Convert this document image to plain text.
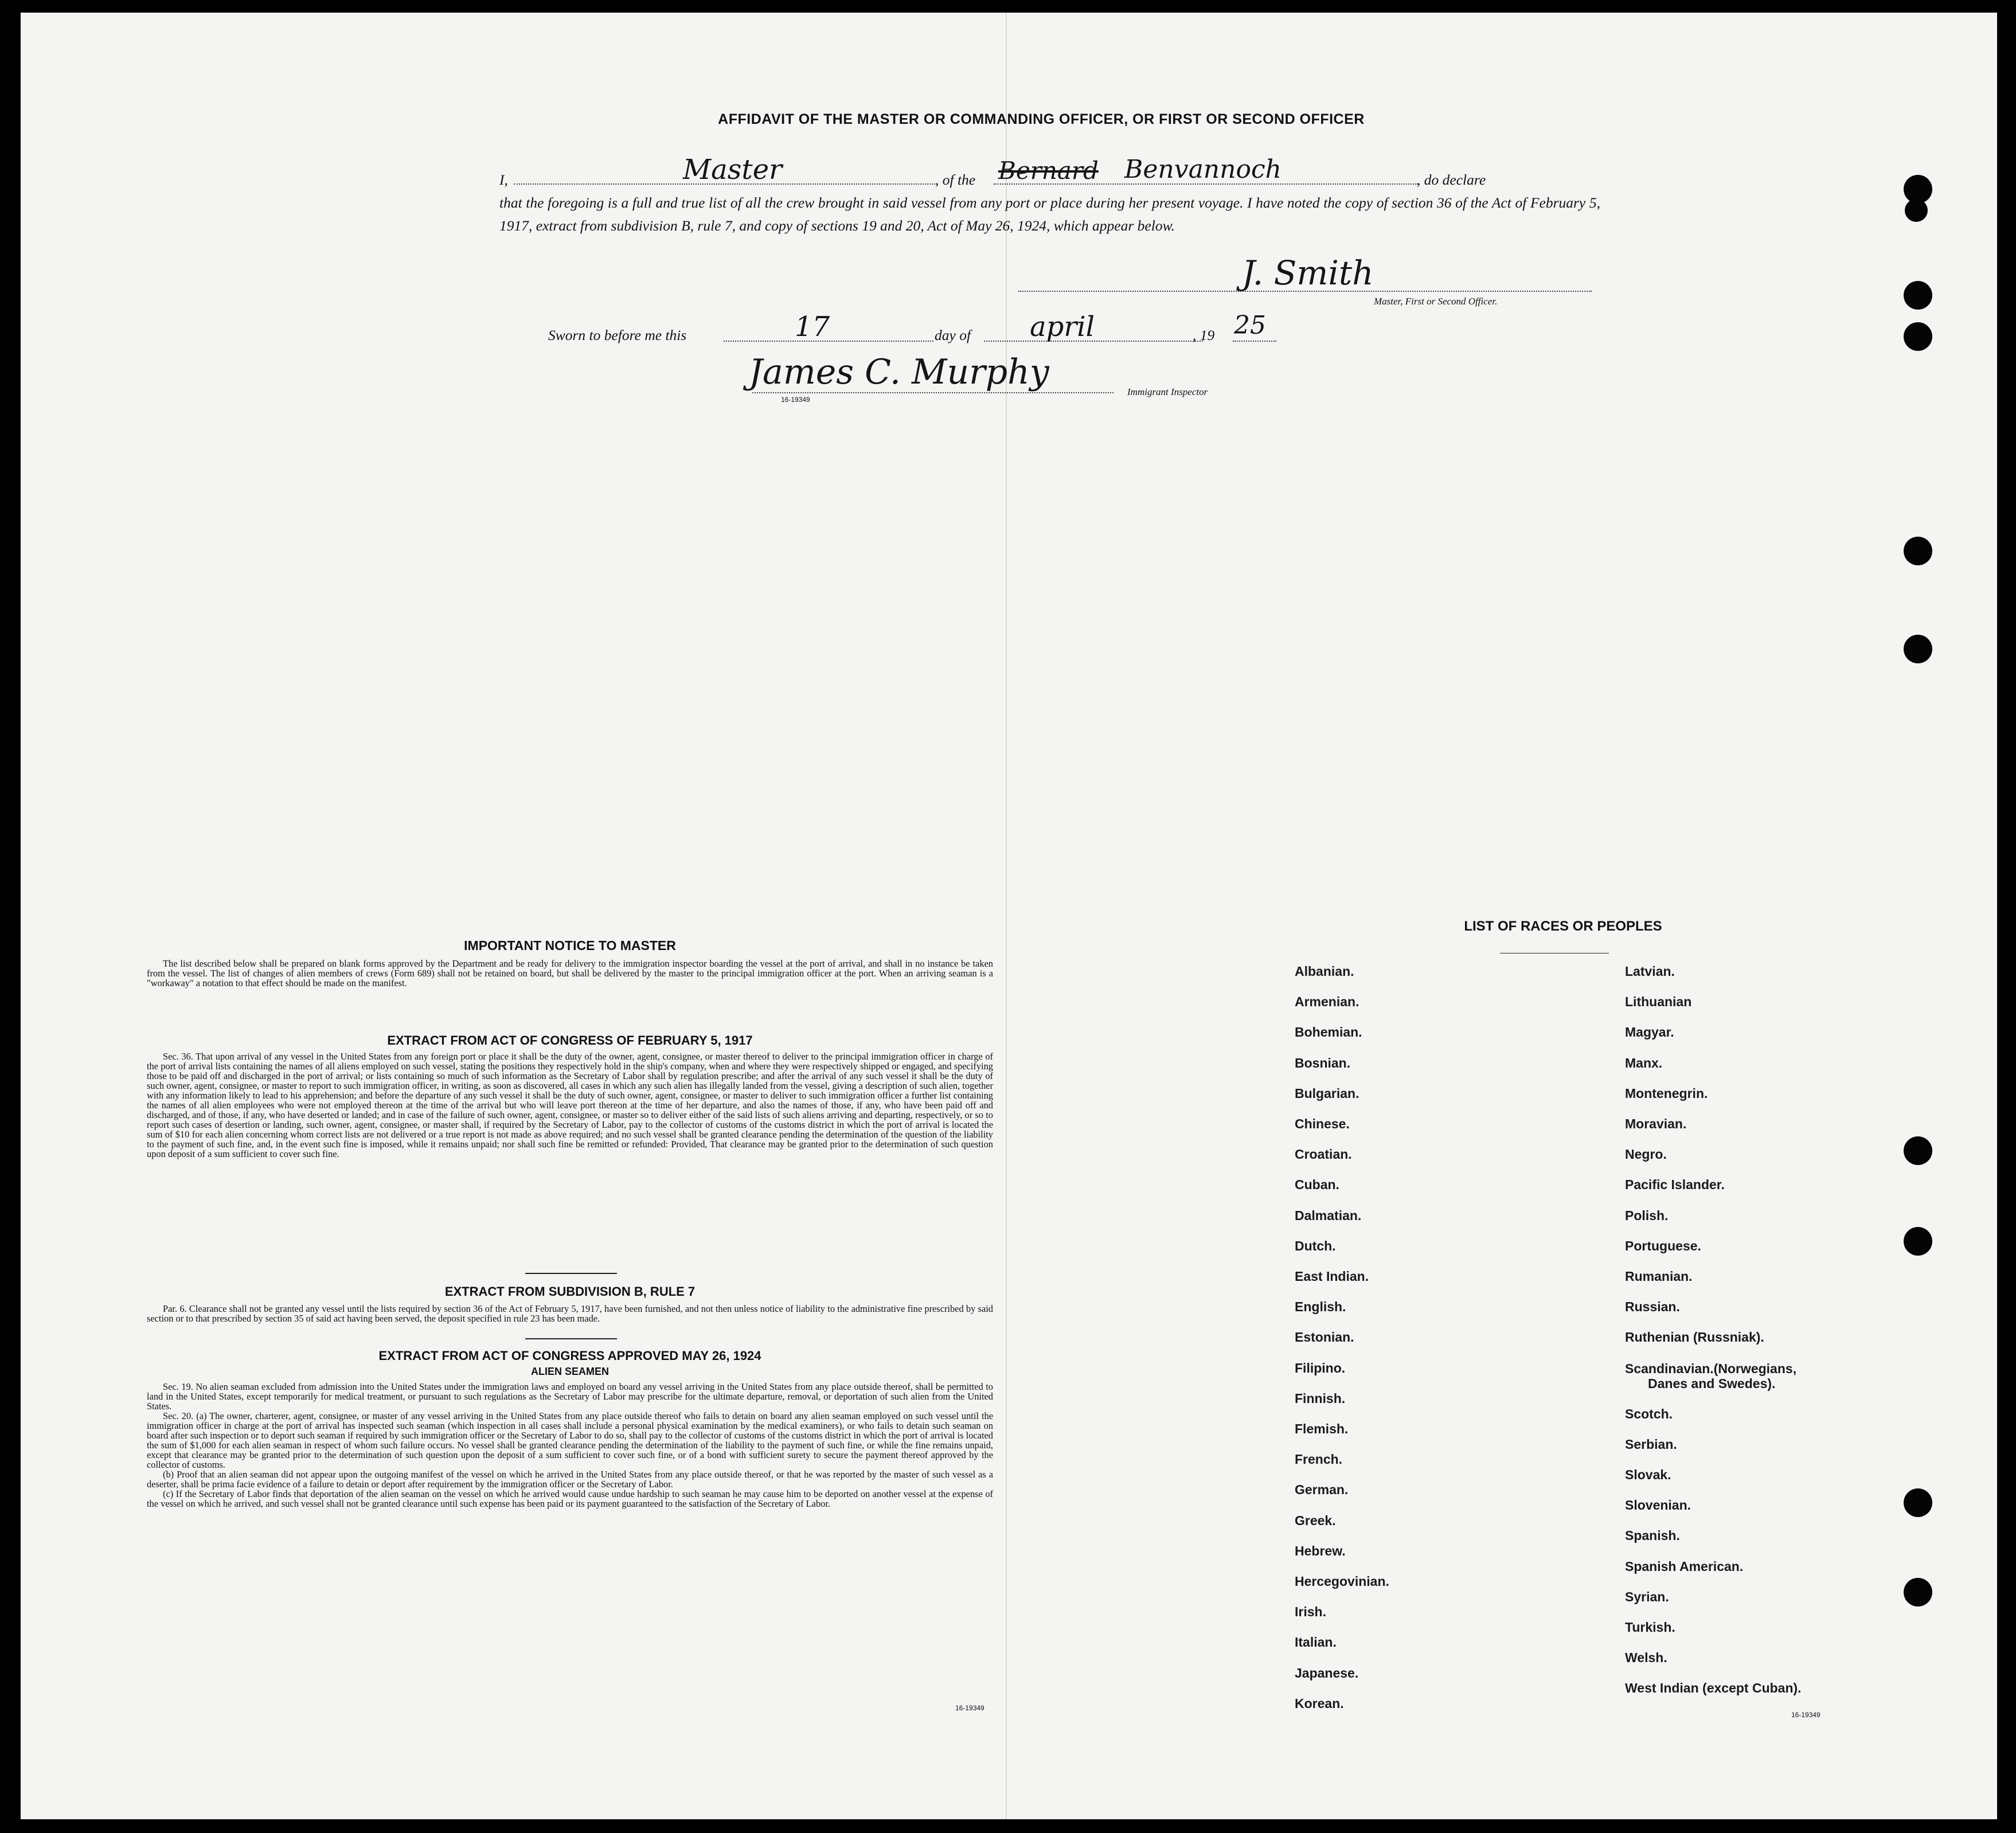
AFFIDAVIT OF THE MASTER OR COMMANDING OFFICER, OR FIRST OR SECOND OFFICER
I,	Master	, of the Bernard Benvannoch	, do declare
that the foregoing is a full and true list of all the crew brought in said vessel from any port or place during her present voyage. I have noted the copy of section 36 of the Act of February 5, 1917, extract from subdivision B, rule 7, and copy of sections 19 and 20, Act of May 26, 1924, which appear below.
J. Smith
Master, First or Second Officer.
Sworn to before me this	17	day of april	, 19 25
James C. Murphy
16-19349
Immigrant Inspector
IMPORTANT NOTICE TO MASTER

The list described below shall be prepared on blank forms approved by the Department and be ready for delivery to the immigration inspector boarding the vessel at the port of arrival, and shall in no instance be taken from the vessel. The list of changes of alien members of crews (Form 689) shall not be retained on board, but shall be delivered by the master to the principal immigration officer at the port. When an arriving seaman is a "workaway" a notation to that effect should be made on the manifest.

EXTRACT FROM ACT OF CONGRESS OF FEBRUARY 5, 1917

Sec. 36. That upon arrival of any vessel in the United States from any foreign port or place it shall be the duty of the owner, agent, consignee, or master thereof to deliver to the principal immigration officer in charge of the port of arrival lists containing the names of all aliens employed on such vessel, stating the positions they respectively hold in the ship's company, when and where they were respectively shipped or engaged, and specifying those to be paid off and discharged in the port of arrival; or lists containing so much of such information as the Secretary of Labor shall by regulation prescribe; and after the arrival of any such vessel it shall be the duty of such owner, agent, consignee, or master to report to such immigration officer, in writing, as soon as discovered, all cases in which any such alien has illegally landed from the vessel, giving a description of such alien, together with any information likely to lead to his apprehension; and before the departure of any such vessel it shall be the duty of such owner, agent, consignee, or master to deliver to such immigration officer a further list containing the names of all alien employees who were not employed thereon at the time of the arrival but who will leave port thereon at the time of her departure, and also the names of those, if any, who have been paid off and discharged, and of those, if any, who have deserted or landed; and in case of the failure of such owner, agent, consignee, or master so to deliver either of the said lists of such aliens arriving and departing, respectively, or so to report such cases of desertion or landing, such owner, agent, consignee, or master shall, if required by the Secretary of Labor, pay to the collector of customs of the customs district in which the port of arrival is located the sum of $10 for each alien concerning whom correct lists are not delivered or a true report is not made as above required; and no such vessel shall be granted clearance pending the determination of the question of the liability to the payment of such fine, and, in the event such fine is imposed, while it remains unpaid; nor shall such fine be remitted or refunded: Provided, That clearance may be granted prior to the determination of such question upon deposit of a sum sufficient to cover such fine.

EXTRACT FROM SUBDIVISION B, RULE 7

Par. 6. Clearance shall not be granted any vessel until the lists required by section 36 of the Act of February 5, 1917, have been furnished, and not then unless notice of liability to the administrative fine prescribed by said section or to that prescribed by section 35 of said act having been served, the deposit specified in rule 23 has been made.

EXTRACT FROM ACT OF CONGRESS APPROVED MAY 26, 1924
ALIEN SEAMEN

Sec. 19. No alien seaman excluded from admission into the United States under the immigration laws and employed on board any vessel arriving in the United States from any place outside thereof, shall be permitted to land in the United States, except temporarily for medical treatment, or pursuant to such regulations as the Secretary of Labor may prescribe for the ultimate departure, removal, or deportation of such alien from the United States.

Sec. 20. (a) The owner, charterer, agent, consignee, or master of any vessel arriving in the United States from any place outside thereof who fails to detain on board any alien seaman employed on such vessel until the immigration officer in charge at the port of arrival has inspected such seaman (which inspection in all cases shall include a personal physical examination by the medical examiners), or who fails to detain such seaman on board after such inspection or to deport such seaman if required by such immigration officer or the Secretary of Labor to do so, shall pay to the collector of customs of the customs district in which the port of arrival is located the sum of $1,000 for each alien seaman in respect of whom such failure occurs. No vessel shall be granted clearance pending the determination of the liability to the payment of such fine, or while the fine remains unpaid, except that clearance may be granted prior to the determination of such question upon the deposit of a sum sufficient to cover such fine, or of a bond with sufficient surety to secure the payment thereof approved by the collector of customs.

(b) Proof that an alien seaman did not appear upon the outgoing manifest of the vessel on which he arrived in the United States from any place outside thereof, or that he was reported by the master of such vessel as a deserter, shall be prima facie evidence of a failure to detain or deport after requirement by the immigration officer or the Secretary of Labor.

(c) If the Secretary of Labor finds that deportation of the alien seaman on the vessel on which he arrived would cause undue hardship to such seaman he may cause him to be deported on another vessel at the expense of the vessel on which he arrived, and such vessel shall not be granted clearance until such expense has been paid or its payment guaranteed to the satisfaction of the Secretary of Labor.

16-19349
LIST OF RACES OR PEOPLES
Albanian.
Armenian.
Bohemian.
Bosnian.
Bulgarian.
Chinese.
Croatian.
Cuban.
Dalmatian.
Dutch.
East Indian.
English.
Estonian.
Filipino.
Finnish.
Flemish.
French.
German.
Greek.
Hebrew.
Hercegovinian.
Irish.
Italian.
Japanese.
Korean.
Latvian.
Lithuanian
Magyar.
Manx.
Montenegrin.
Moravian.
Negro.
Pacific Islander.
Polish.
Portuguese.
Rumanian.
Russian.
Ruthenian (Russniak).
Scandinavian.(Norwegians,
Danes and Swedes).
Scotch.
Serbian.
Slovak.
Slovenian.
Spanish.
Spanish American.
Syrian.
Turkish.
Welsh.
West Indian (except Cuban).
16-19349
